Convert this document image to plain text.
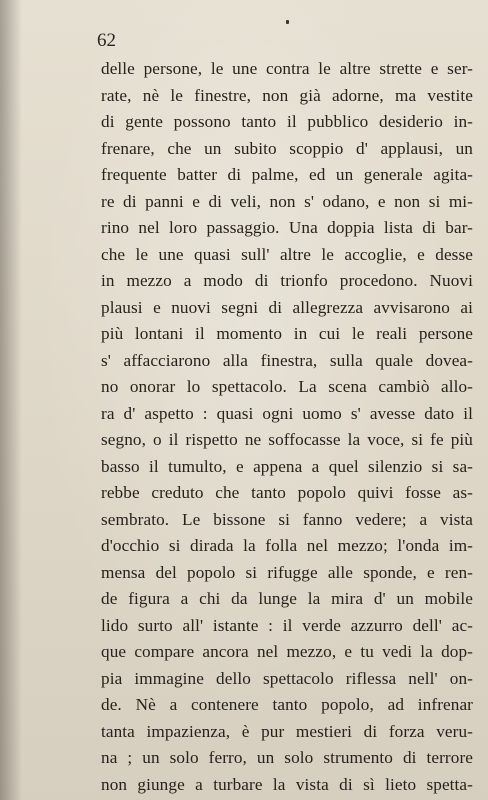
62

delle persone, le une contra le altre strette e ser-
rate, nè le finestre, non già adorne, ma vestite
di gente possono tanto il pubblico desiderio in-
frenare, che un subito scoppio d' applausi, un
frequente batter di palme, ed un generale agita-
re di panni e di veli, non s' odano, e non si mi-
rino nel loro passaggio. Una doppia lista di bar-
che le une quasi sull' altre le accoglie, e desse
in mezzo a modo di trionfo procedono. Nuovi
plausi e nuovi segni di allegrezza avvisarono ai
più lontani il momento in cui le reali persone
s' affacciarono alla finestra, sulla quale dovea-
no onorar lo spettacolo. La scena cambiò allo-
ra d' aspetto : quasi ogni uomo s' avesse dato il
segno, o il rispetto ne soffocasse la voce, si fe più
basso il tumulto, e appena a quel silenzio si sa-
rebbe creduto che tanto popolo quivi fosse as-
sembrato. Le bissone si fanno vedere; a vista
d'occhio si dirada la folla nel mezzo; l'onda im-
mensa del popolo si rifugge alle sponde, e ren-
de figura a chi da lunge la mira d' un mobile
lido surto all' istante : il verde azzurro dell' ac-
que compare ancora nel mezzo, e tu vedi la dop-
pia immagine dello spettacolo riflessa nell' on-
de. Nè a contenere tanto popolo, ad infrenar
tanta impazienza, è pur mestieri di forza veru-
na ; un solo ferro, un solo strumento di terrore
non giunge a turbare la vista di sì lieto spetta-
